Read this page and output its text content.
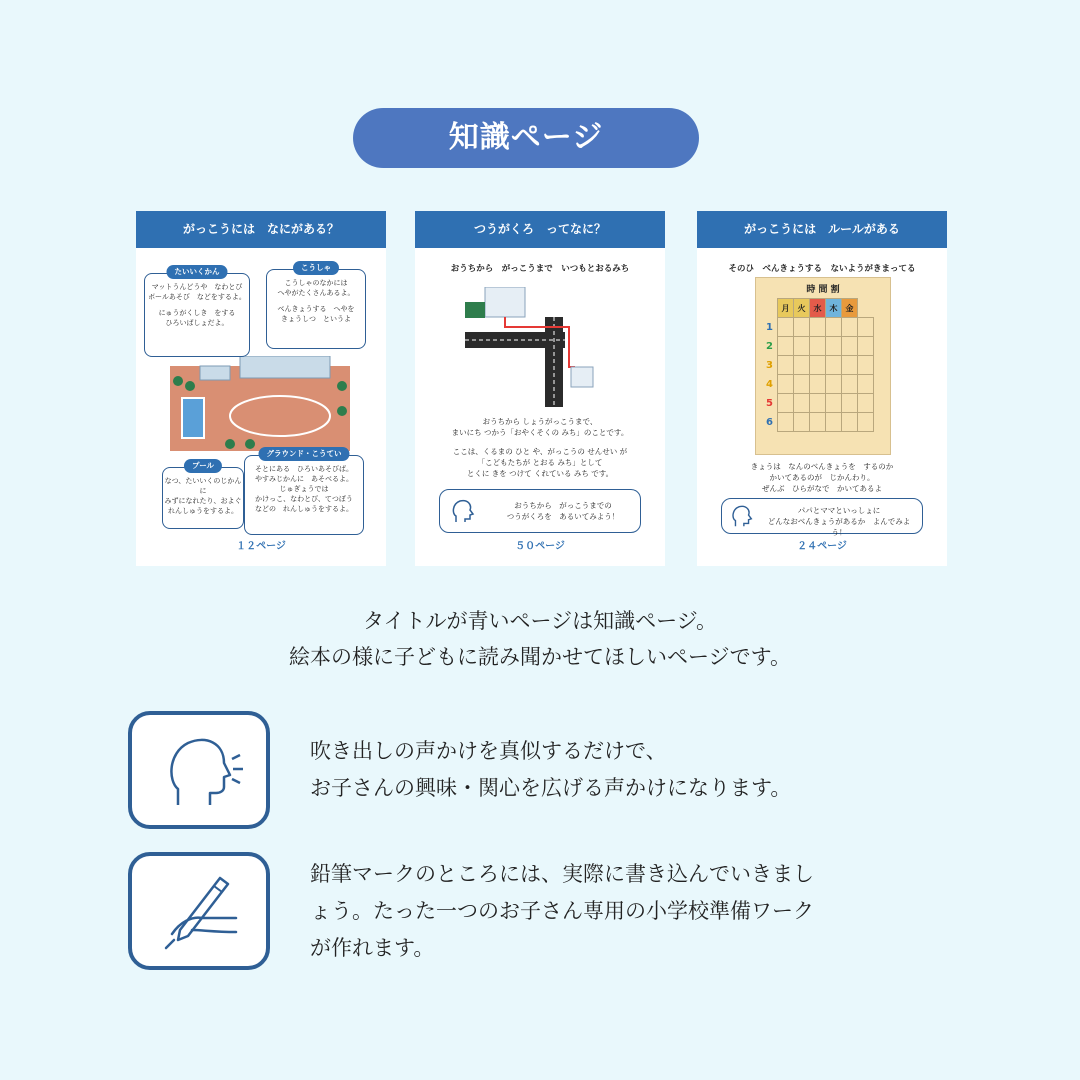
知識ページ
がっこうには　なにがある？
たいいくかん
マットうんどうや　なわとび
ボールあそび　などをするよ。
にゅうがくしき　をする
ひろいばしょだよ。
こうしゃ
こうしゃのなかには
へやがたくさんあるよ。
べんきょうする　へやを
きょうしつ　というよ
プール
なつ、たいいくのじかんに
みずになれたり、およぐ
れんしゅうをするよ。
グラウンド・こうてい
そとにある　ひろいあそびば。
やすみじかんに　あそべるよ。
じゅぎょうでは
かけっこ、なわとび、てつぼう
などの　れんしゅうをするよ。
１２ページ
つうがくろ　ってなに？
おうちから　がっこうまで　いつもとおるみち
おうちから しょうがっこうまで、
まいにち つかう「おやくそくの みち」のことです。
ここは、くるまの ひと や、がっこうの せんせい が
「こどもたちが とおる みち」として
とくに きを つけて くれている みち です。
おうちから　がっこうまでの
つうがくろを　あるいてみよう！
５０ページ
がっこうには　ルールがある
そのひ　べんきょうする　ないようがきまってる
時 間 割
	月	火	水	木	金	
1						
2						
3						
4						
5						
6						
きょうは　なんのべんきょうを　するのか
かいてあるのが　じかんわり。
ぜんぶ　ひらがなで　かいてあるよ
パパとママといっしょに
どんなおべんきょうがあるか　よんでみよう！
２４ページ
タイトルが青いページは知識ページ。
絵本の様に子どもに読み聞かせてほしいページです。
吹き出しの声かけを真似するだけで、
お子さんの興味・関心を広げる声かけになります。
鉛筆マークのところには、実際に書き込んでいきまし
ょう。たった一つのお子さん専用の小学校準備ワーク
が作れます。
